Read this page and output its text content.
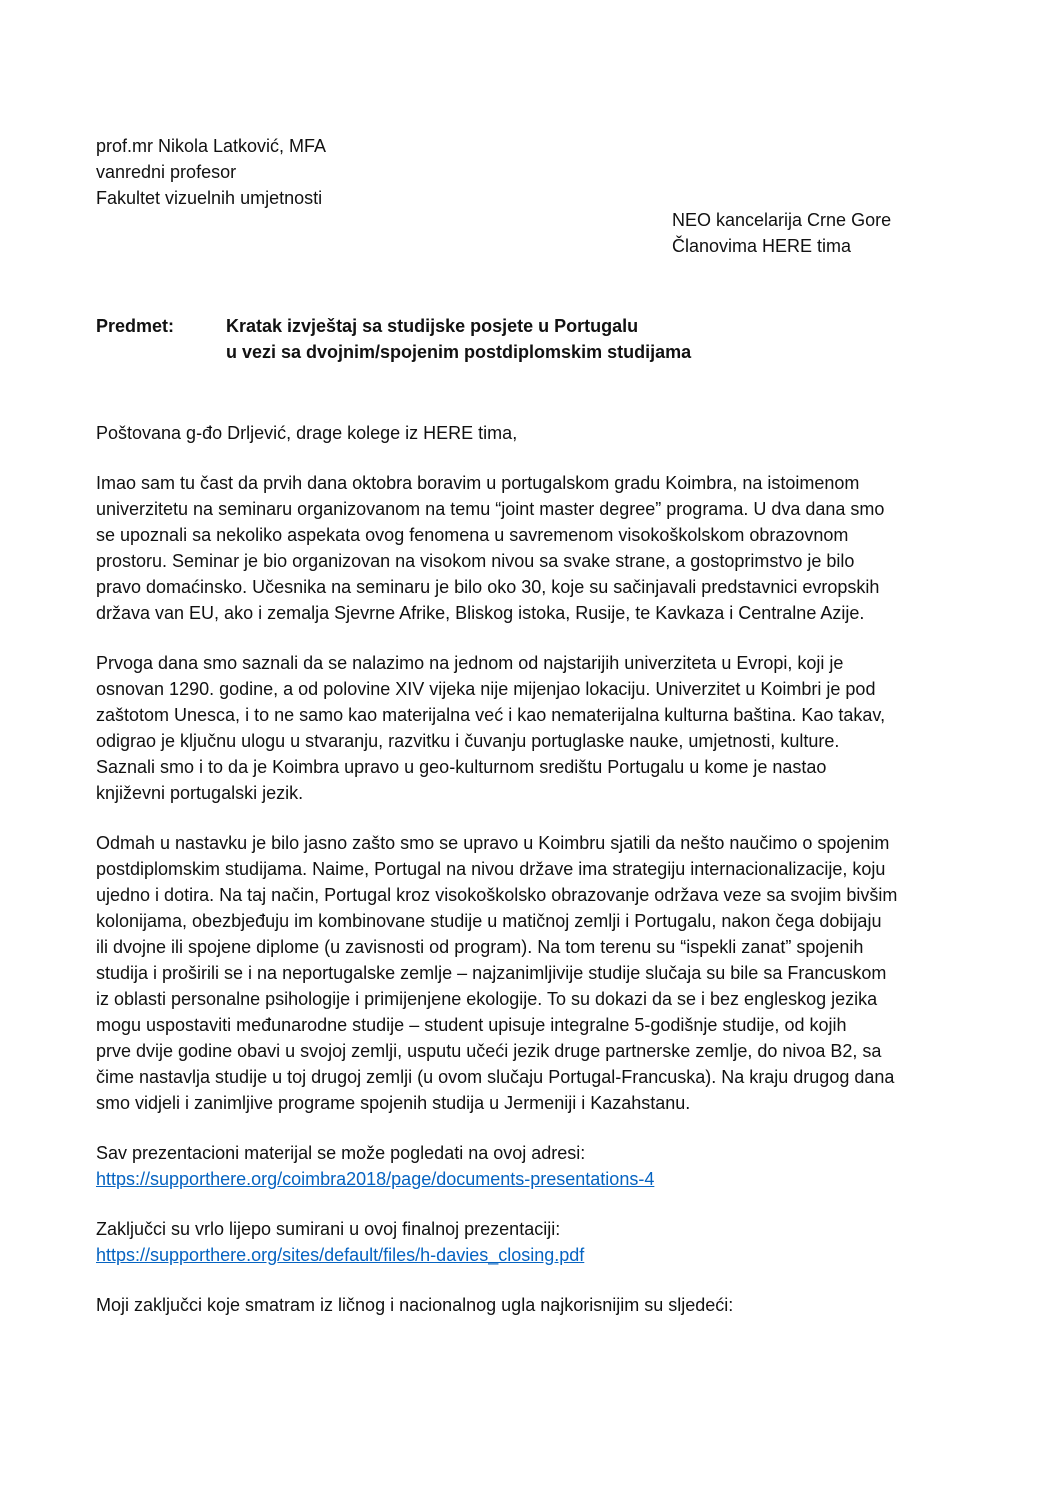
prof.mr Nikola Latković, MFA
vanredni profesor
Fakultet vizuelnih umjetnosti
NEO kancelarija Crne Gore
Članovima HERE tima
Predmet:	Kratak izvještaj sa studijske posjete u Portugalu
u vezi sa dvojnim/spojenim postdiplomskim studijama

Poštovana g-đo Drljević, drage kolege iz HERE tima,

Imao sam tu čast da prvih dana oktobra boravim u portugalskom gradu Koimbra, na istoimenom
univerzitetu na seminaru organizovanom na temu “joint master degree” programa. U dva dana smo
se upoznali sa nekoliko aspekata ovog fenomena u savremenom visokoškolskom obrazovnom
prostoru. Seminar je bio organizovan na visokom nivou sa svake strane, a gostoprimstvo je bilo
pravo domaćinsko. Učesnika na seminaru je bilo oko 30, koje su sačinjavali predstavnici evropskih
država van EU, ako i zemalja Sjevrne Afrike, Bliskog istoka, Rusije, te Kavkaza i Centralne Azije.

Prvoga dana smo saznali da se nalazimo na jednom od najstarijih univerziteta u Evropi, koji je
osnovan 1290. godine, a od polovine XIV vijeka nije mijenjao lokaciju. Univerzitet u Koimbri je pod
zaštotom Unesca, i to ne samo kao materijalna već i kao nematerijalna kulturna baština. Kao takav,
odigrao je ključnu ulogu u stvaranju, razvitku i čuvanju portuglaske nauke, umjetnosti, kulture.
Saznali smo i to da je Koimbra upravo u geo-kulturnom središtu Portugalu u kome je nastao
književni portugalski jezik.

Odmah u nastavku je bilo jasno zašto smo se upravo u Koimbru sjatili da nešto naučimo o spojenim
postdiplomskim studijama. Naime, Portugal na nivou države ima strategiju internacionalizacije, koju
ujedno i dotira. Na taj način, Portugal kroz visokoškolsko obrazovanje održava veze sa svojim bivšim
kolonijama, obezbjeđuju im kombinovane studije u matičnoj zemlji i Portugalu, nakon čega dobijaju
ili dvojne ili spojene diplome (u zavisnosti od program). Na tom terenu su “ispekli zanat” spojenih
studija i proširili se i na neportugalske zemlje – najzanimljivije studije slučaja su bile sa Francuskom
iz oblasti personalne psihologije i primijenjene ekologije. To su dokazi da se i bez engleskog jezika
mogu uspostaviti međunarodne studije – student upisuje integralne 5-godišnje studije, od kojih
prve dvije godine obavi u svojoj zemlji, usputu učeći jezik druge partnerske zemlje, do nivoa B2, sa
čime nastavlja studije u toj drugoj zemlji (u ovom slučaju Portugal-Francuska). Na kraju drugog dana
smo vidjeli i zanimljive programe spojenih studija u Jermeniji i Kazahstanu.

Sav prezentacioni materijal se može pogledati na ovoj adresi:
https://supporthere.org/coimbra2018/page/documents-presentations-4

Zaključci su vrlo lijepo sumirani u ovoj finalnoj prezentaciji:
https://supporthere.org/sites/default/files/h-davies_closing.pdf

Moji zaključci koje smatram iz ličnog i nacionalnog ugla najkorisnijim su sljedeći:
